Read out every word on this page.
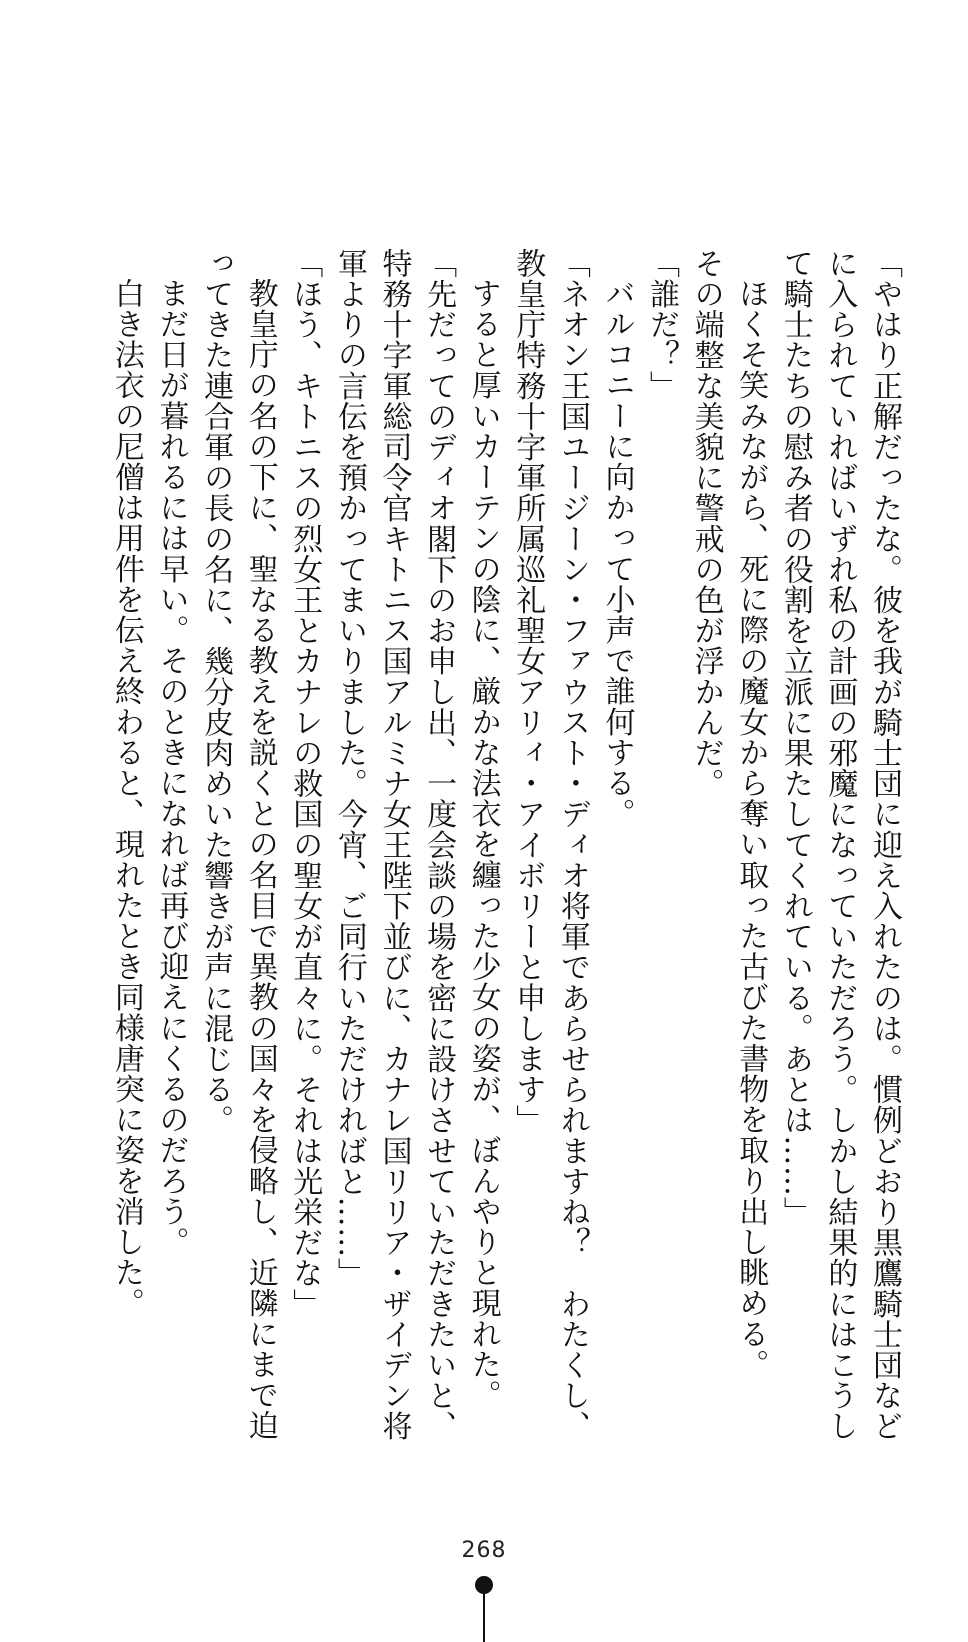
「やはり正解だったな。彼を我が騎士団に迎え入れたのは。慣例どおり黒鷹騎士団などに入られていればいずれ私の計画の邪魔になっていただろう。しかし結果的にはこうして騎士たちの慰み者の役割を立派に果たしてくれている。あとは……」

ほくそ笑みながら、死に際の魔女から奪い取った古びた書物を取り出し眺める。

その端整な美貌に警戒の色が浮かんだ。

「誰だ？」

バルコニーに向かって小声で誰何する。

「ネオン王国ユージーン・ファウスト・ディオ将軍であらせられますね？　わたくし、教皇庁特務十字軍所属巡礼聖女アリィ・アイボリーと申します」

すると厚いカーテンの陰に、厳かな法衣を纏った少女の姿が、ぼんやりと現れた。

「先だってのディオ閣下のお申し出、一度会談の場を密に設けさせていただきたいと、特務十字軍総司令官キトニス国アルミナ女王陛下並びに、カナレ国リリア・ザイデン将軍よりの言伝を預かってまいりました。今宵、ご同行いただければと……」

「ほう、キトニスの烈女王とカナレの救国の聖女が直々に。それは光栄だな」

教皇庁の名の下に、聖なる教えを説くとの名目で異教の国々を侵略し、近隣にまで迫ってきた連合軍の長の名に、幾分皮肉めいた響きが声に混じる。

まだ日が暮れるには早い。そのときになれば再び迎えにくるのだろう。

白き法衣の尼僧は用件を伝え終わると、現れたとき同様唐突に姿を消した。

268
